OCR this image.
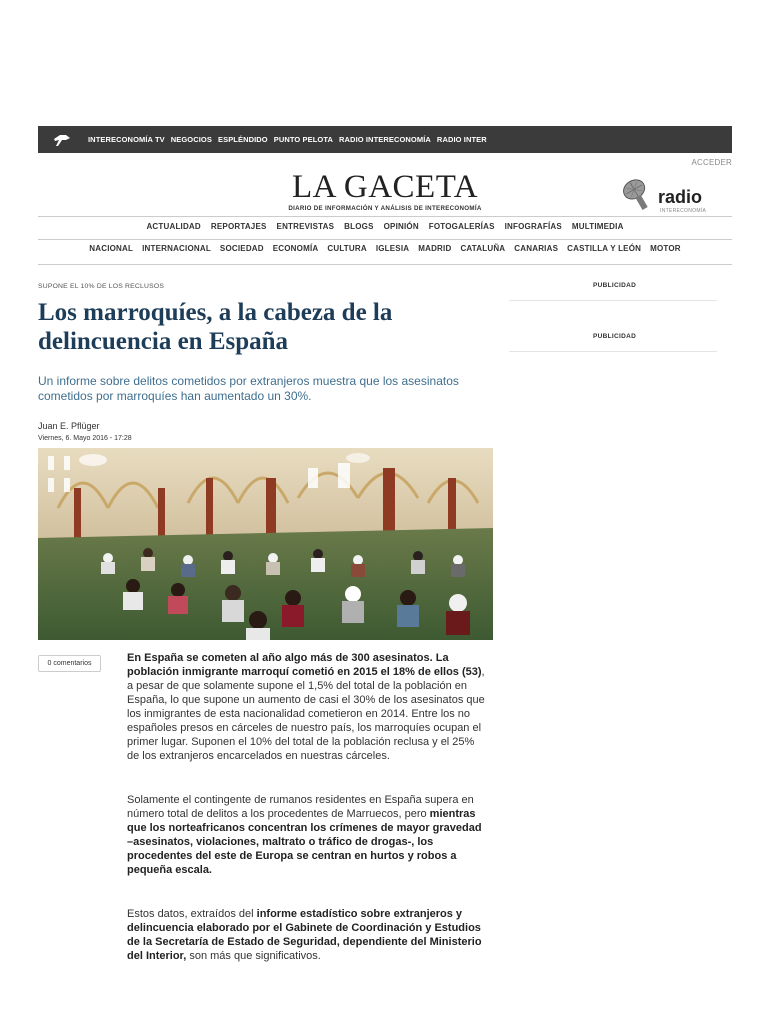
INTERECONOMÍA TV NEGOCIOS ESPLÉNDIDO PUNTO PELOTA RADIO INTERECONOMÍA RADIO INTER
ACCEDER
LA GACETA
DIARIO DE INFORMACIÓN Y ANÁLISIS DE INTERECONOMÍA
radio
INTERECONOMÍA
ACTUALIDAD REPORTAJES ENTREVISTAS BLOGS OPINIÓN FOTOGALERÍAS INFOGRAFÍAS MULTIMEDIA
NACIONAL INTERNACIONAL SOCIEDAD ECONOMÍA CULTURA IGLESIA MADRID CATALUÑA CANARIAS CASTILLA Y LEÓN MOTOR
SUPONE EL 10% DE LOS RECLUSOS
Los marroquíes, a la cabeza de la delincuencia en España
Un informe sobre delitos cometidos por extranjeros muestra que los asesinatos cometidos por marroquíes han aumentado un 30%.
Juan E. Pflüger
Viernes, 6. Mayo 2016 - 17:28
0 comentarios	En España se cometen al año algo más de 300 asesinatos. La población inmigrante marroquí cometió en 2015 el 18% de ellos (53), a pesar de que solamente supone el 1,5% del total de la población en España, lo que supone un aumento de casi el 30% de los asesinatos que los inmigrantes de esta nacionalidad cometieron en 2014. Entre los no españoles presos en cárceles de nuestro país, los marroquíes ocupan el primer lugar. Suponen el 10% del total de la población reclusa y el 25% de los extranjeros encarcelados en nuestras cárceles.

Solamente el contingente de rumanos residentes en España supera en número total de delitos a los procedentes de Marruecos, pero mientras que los norteafricanos concentran los crímenes de mayor gravedad –asesinatos, violaciones, maltrato o tráfico de drogas-, los procedentes del este de Europa se centran en hurtos y robos a pequeña escala.

Estos datos, extraídos del informe estadístico sobre extranjeros y delincuencia elaborado por el Gabinete de Coordinación y Estudios de la Secretaría de Estado de Seguridad, dependiente del Ministerio del Interior, son más que significativos.

PUBLICIDAD
PUBLICIDAD
